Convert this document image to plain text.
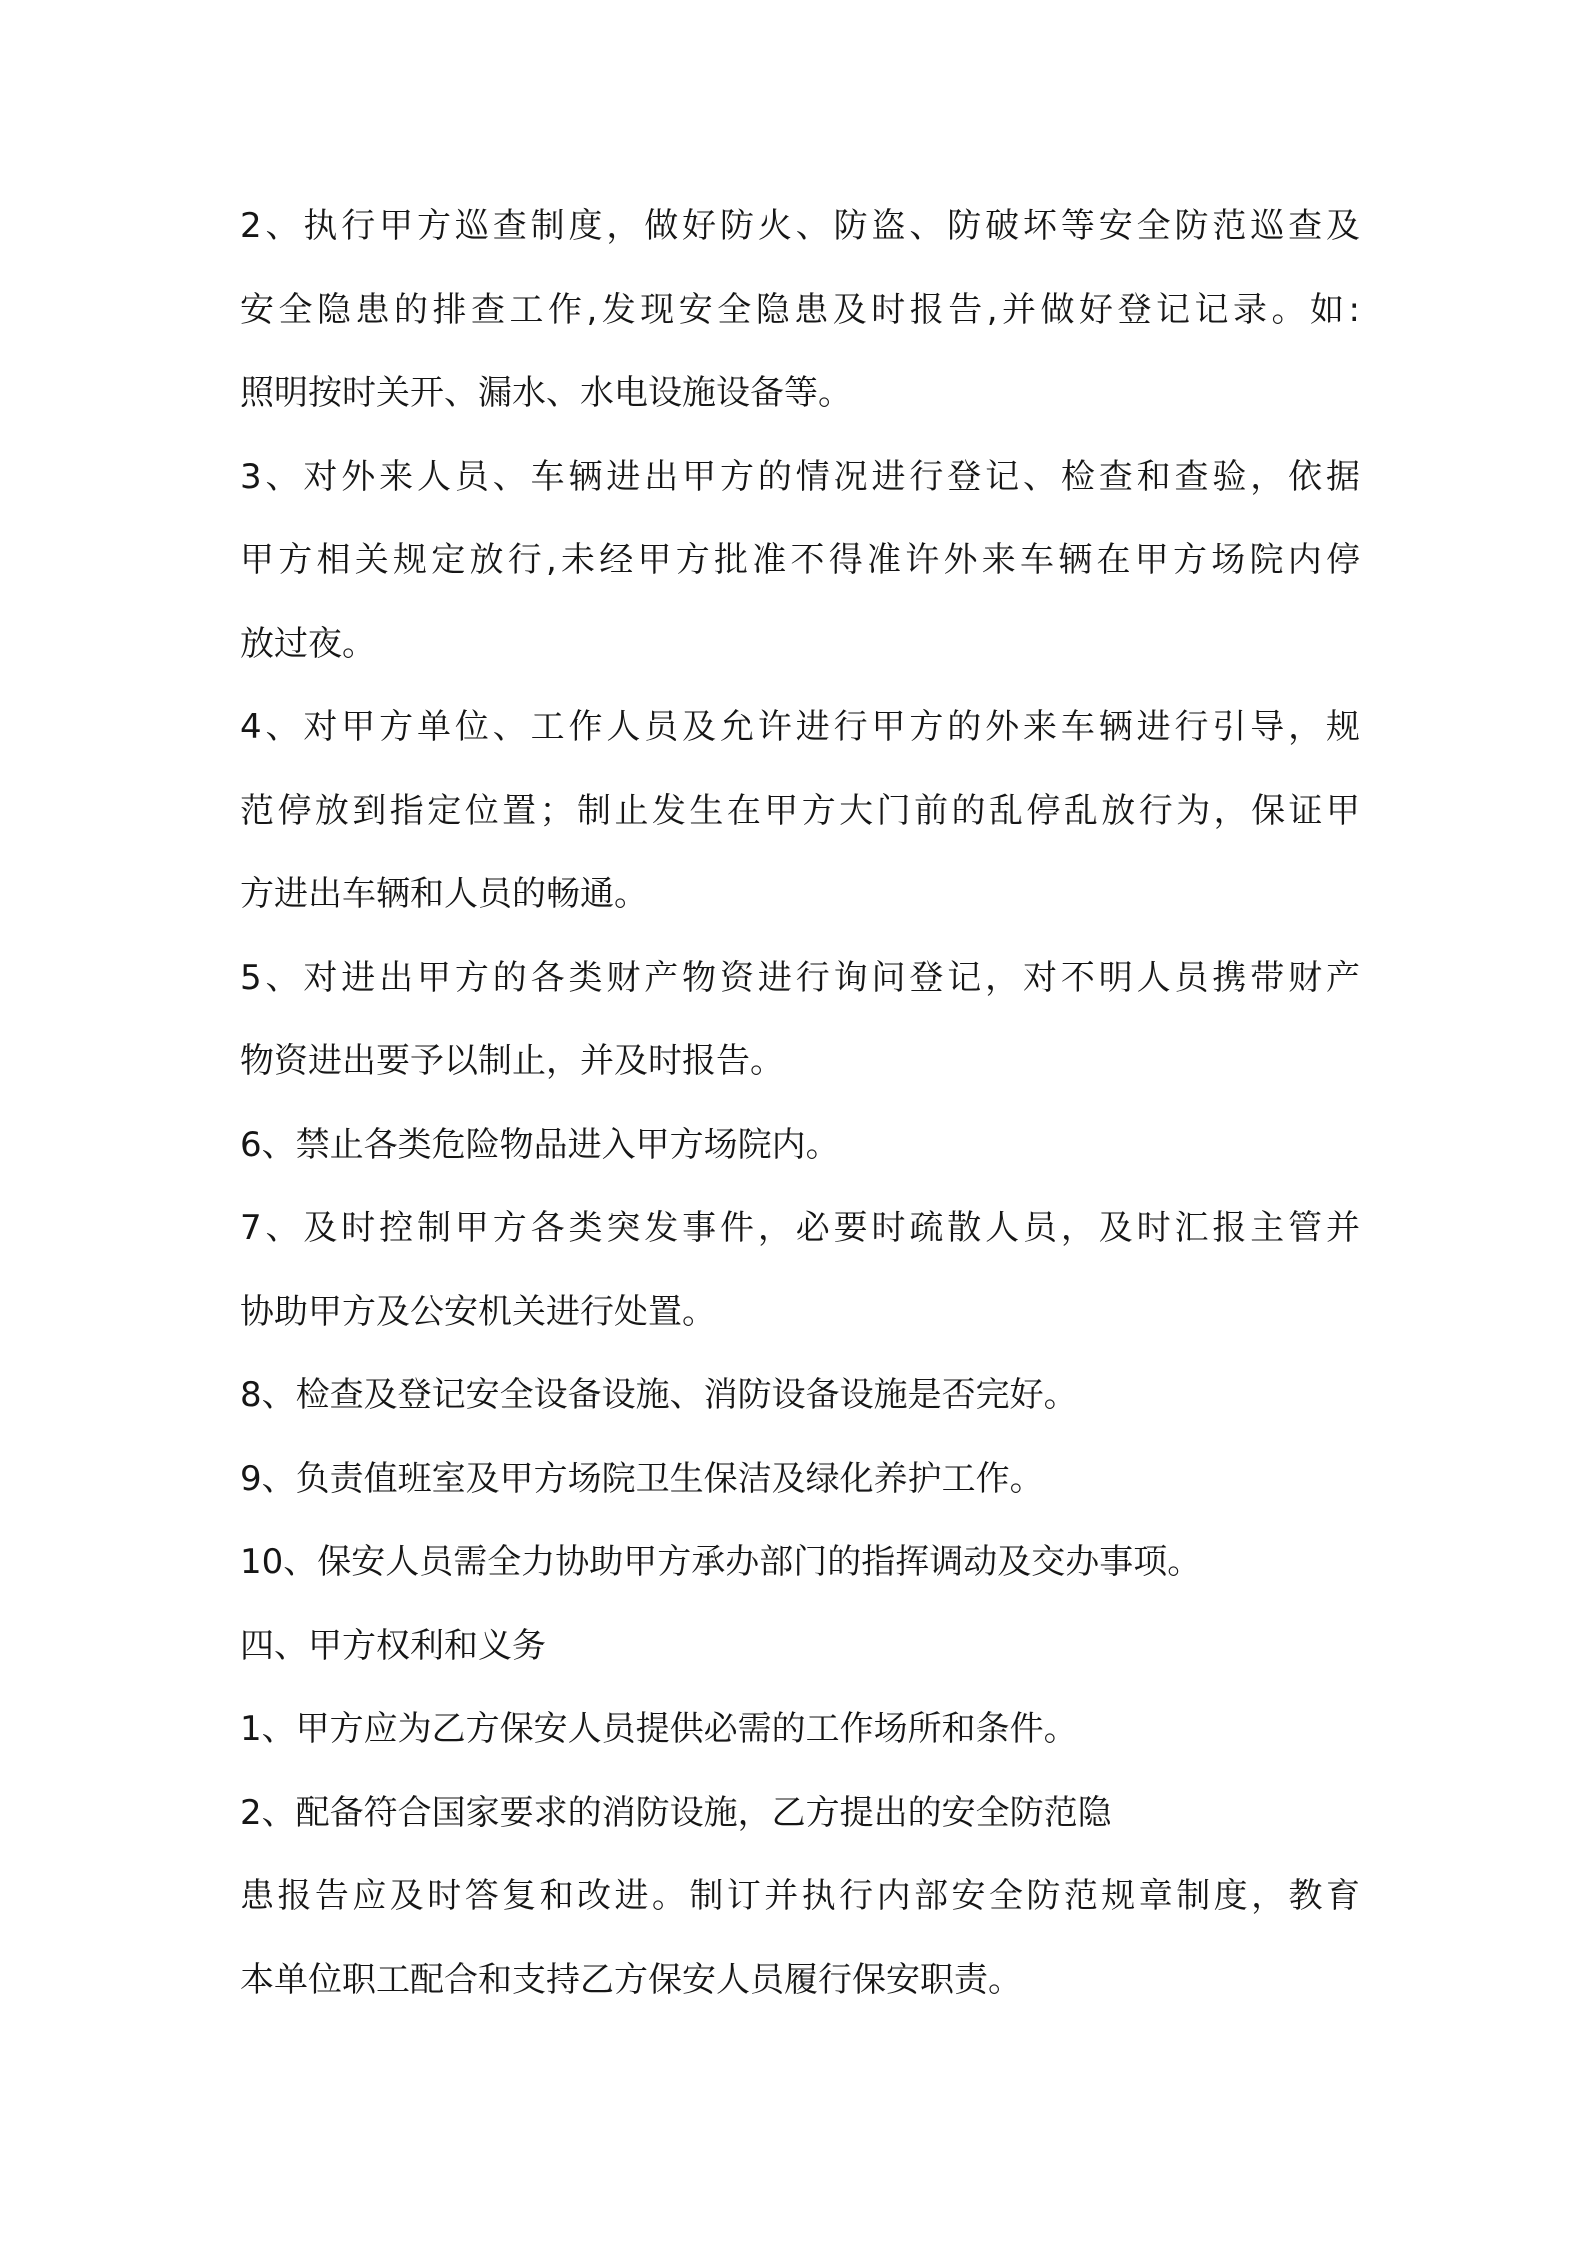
2、执行甲方巡查制度，做好防火、防盗、防破坏等安全防范巡查及
安全隐患的排查工作,发现安全隐患及时报告,并做好登记记录。如:
照明按时关开、漏水、水电设施设备等。
3、对外来人员、车辆进出甲方的情况进行登记、检查和查验，依据
甲方相关规定放行,未经甲方批准不得准许外来车辆在甲方场院内停
放过夜。
4、对甲方单位、工作人员及允许进行甲方的外来车辆进行引导，规
范停放到指定位置；制止发生在甲方大门前的乱停乱放行为，保证甲
方进出车辆和人员的畅通。
5、对进出甲方的各类财产物资进行询问登记，对不明人员携带财产
物资进出要予以制止，并及时报告。
6、禁止各类危险物品进入甲方场院内。
7、及时控制甲方各类突发事件，必要时疏散人员，及时汇报主管并
协助甲方及公安机关进行处置。
8、检查及登记安全设备设施、消防设备设施是否完好。
9、负责值班室及甲方场院卫生保洁及绿化养护工作。
10、保安人员需全力协助甲方承办部门的指挥调动及交办事项。
四、甲方权利和义务
1、甲方应为乙方保安人员提供必需的工作场所和条件。
2、配备符合国家要求的消防设施，乙方提出的安全防范隐
患报告应及时答复和改进。制订并执行内部安全防范规章制度，教育
本单位职工配合和支持乙方保安人员履行保安职责。
